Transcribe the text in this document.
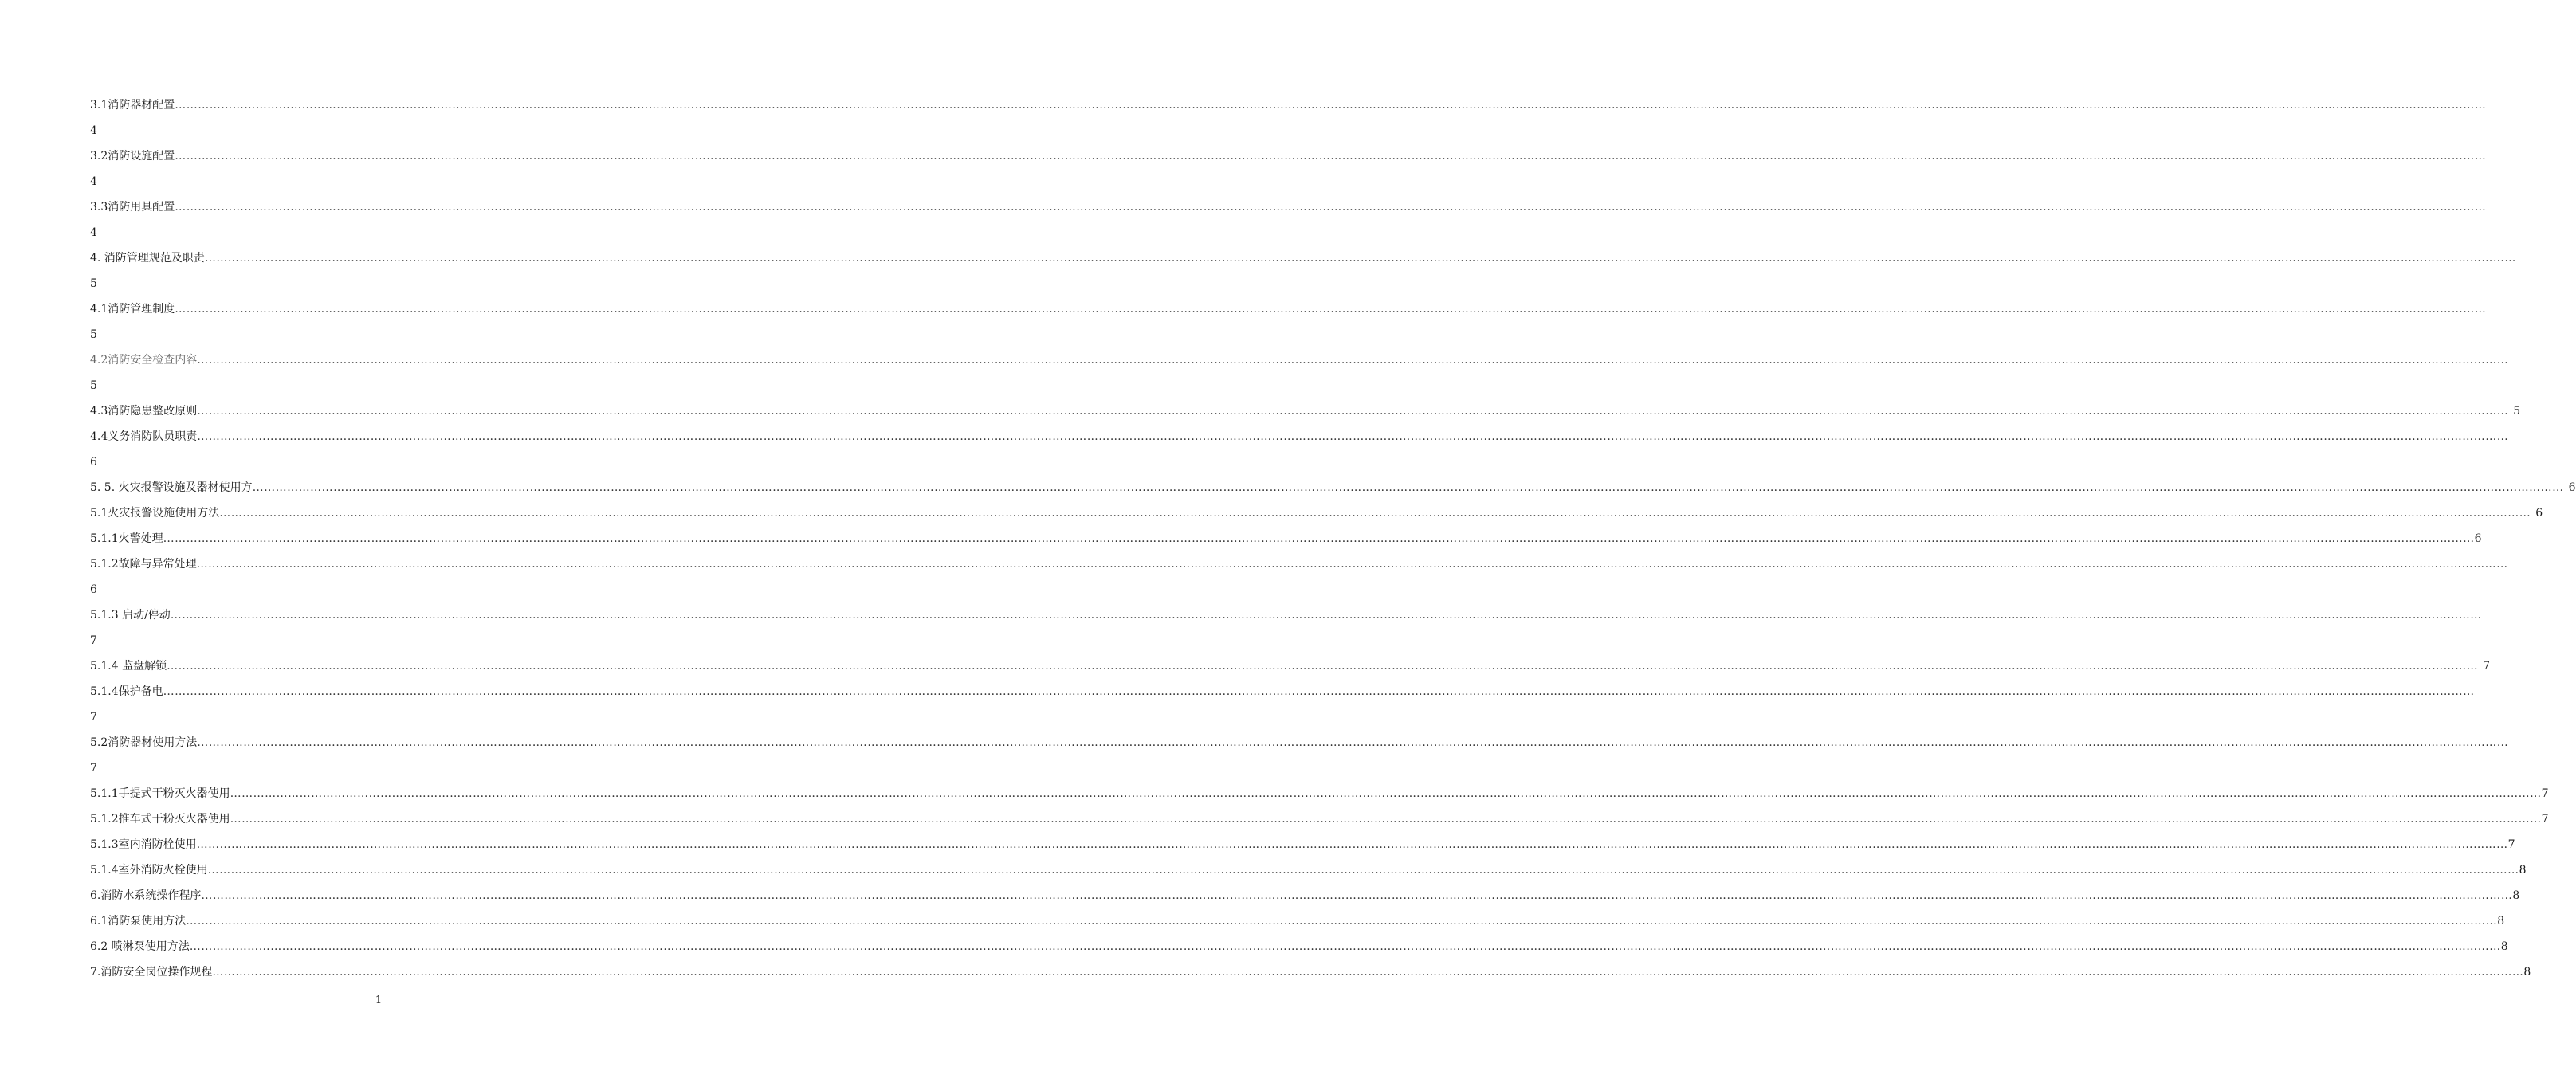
3.1消防器材配置 ……………………………………………………………………………………………………………………………………………………………………………………………………………………………………………………………………………………………………………………………………………………………………………………………………………………………………………………………………………………………………………………………………………………
4
3.2消防设施配置 ……………………………………………………………………………………………………………………………………………………………………………………………………………………………………………………………………………………………………………………………………………………………………………………………………………………………………………………………………………………………………………………………………………………
4
3.3消防用具配置 ……………………………………………………………………………………………………………………………………………………………………………………………………………………………………………………………………………………………………………………………………………………………………………………………………………………………………………………………………………………………………………………………………………………
4
4. 消防管理规范及职责 ……………………………………………………………………………………………………………………………………………………………………………………………………………………………………………………………………………………………………………………………………………………………………………………………………………………………………………………………………………………………………………………………………………………
5
4.1消防管理制度 ……………………………………………………………………………………………………………………………………………………………………………………………………………………………………………………………………………………………………………………………………………………………………………………………………………………………………………………………………………………………………………………………………………………
5
4.2消防安全检查内容 ……………………………………………………………………………………………………………………………………………………………………………………………………………………………………………………………………………………………………………………………………………………………………………………………………………………………………………………………………………………………………………………………………………………
5
4.3消防隐患整改原则 …………………………………………………………………………………………………………………………………………………………………………………………………………………………………………………………………………………………………………………………………………………………………………………………………………………………………………………………………………………………………………………………………………………… 5
4.4义务消防队员职责 ……………………………………………………………………………………………………………………………………………………………………………………………………………………………………………………………………………………………………………………………………………………………………………………………………………………………………………………………………………………………………………………………………………………
6
5. 5. 火灾报警设施及器材使用方 …………………………………………………………………………………………………………………………………………………………………………………………………………………………………………………………………………………………………………………………………………………………………………………………………………………………………………………………………………………………………………………………………………………… 6
5.1火灾报警设施使用方法 …………………………………………………………………………………………………………………………………………………………………………………………………………………………………………………………………………………………………………………………………………………………………………………………………………………………………………………………………………………………………………………………………………………… 6
5.1.1火警处理 …………………………………………………………………………………………………………………………………………………………………………………………………………………………………………………………………………………………………………………………………………………………………………………………………………………………………………………………………………………………………………………………………………………… 6
5.1.2故障与异常处理 ……………………………………………………………………………………………………………………………………………………………………………………………………………………………………………………………………………………………………………………………………………………………………………………………………………………………………………………………………………………………………………………………………………………
6
5.1.3 启动/停动 ……………………………………………………………………………………………………………………………………………………………………………………………………………………………………………………………………………………………………………………………………………………………………………………………………………………………………………………………………………………………………………………………………………………
7
5.1.4 监盘解锁 …………………………………………………………………………………………………………………………………………………………………………………………………………………………………………………………………………………………………………………………………………………………………………………………………………………………………………………………………………………………………………………………………………………… 7
5.1.4保护备电 ……………………………………………………………………………………………………………………………………………………………………………………………………………………………………………………………………………………………………………………………………………………………………………………………………………………………………………………………………………………………………………………………………………………
7
5.2消防器材使用方法 ……………………………………………………………………………………………………………………………………………………………………………………………………………………………………………………………………………………………………………………………………………………………………………………………………………………………………………………………………………………………………………………………………………………
7
5.1.1手提式干粉灭火器使用 …………………………………………………………………………………………………………………………………………………………………………………………………………………………………………………………………………………………………………………………………………………………………………………………………………………………………………………………………………………………………………………………………………………… 7
5.1.2推车式干粉灭火器使用 …………………………………………………………………………………………………………………………………………………………………………………………………………………………………………………………………………………………………………………………………………………………………………………………………………………………………………………………………………………………………………………………………………………… 7
5.1.3室内消防栓使用 …………………………………………………………………………………………………………………………………………………………………………………………………………………………………………………………………………………………………………………………………………………………………………………………………………………………………………………………………………………………………………………………………………………… 7
5.1.4室外消防火栓使用 …………………………………………………………………………………………………………………………………………………………………………………………………………………………………………………………………………………………………………………………………………………………………………………………………………………………………………………………………………………………………………………………………………………… 8
6.消防水系统操作程序 …………………………………………………………………………………………………………………………………………………………………………………………………………………………………………………………………………………………………………………………………………………………………………………………………………………………………………………………………………………………………………………………………………………… 8
6.1消防泵使用方法 …………………………………………………………………………………………………………………………………………………………………………………………………………………………………………………………………………………………………………………………………………………………………………………………………………………………………………………………………………………………………………………………………………………… 8
6.2 喷淋泵使用方法 …………………………………………………………………………………………………………………………………………………………………………………………………………………………………………………………………………………………………………………………………………………………………………………………………………………………………………………………………………………………………………………………………………………… 8
7.消防安全岗位操作规程 …………………………………………………………………………………………………………………………………………………………………………………………………………………………………………………………………………………………………………………………………………………………………………………………………………………………………………………………………………………………………………………………………………………… 8
1
